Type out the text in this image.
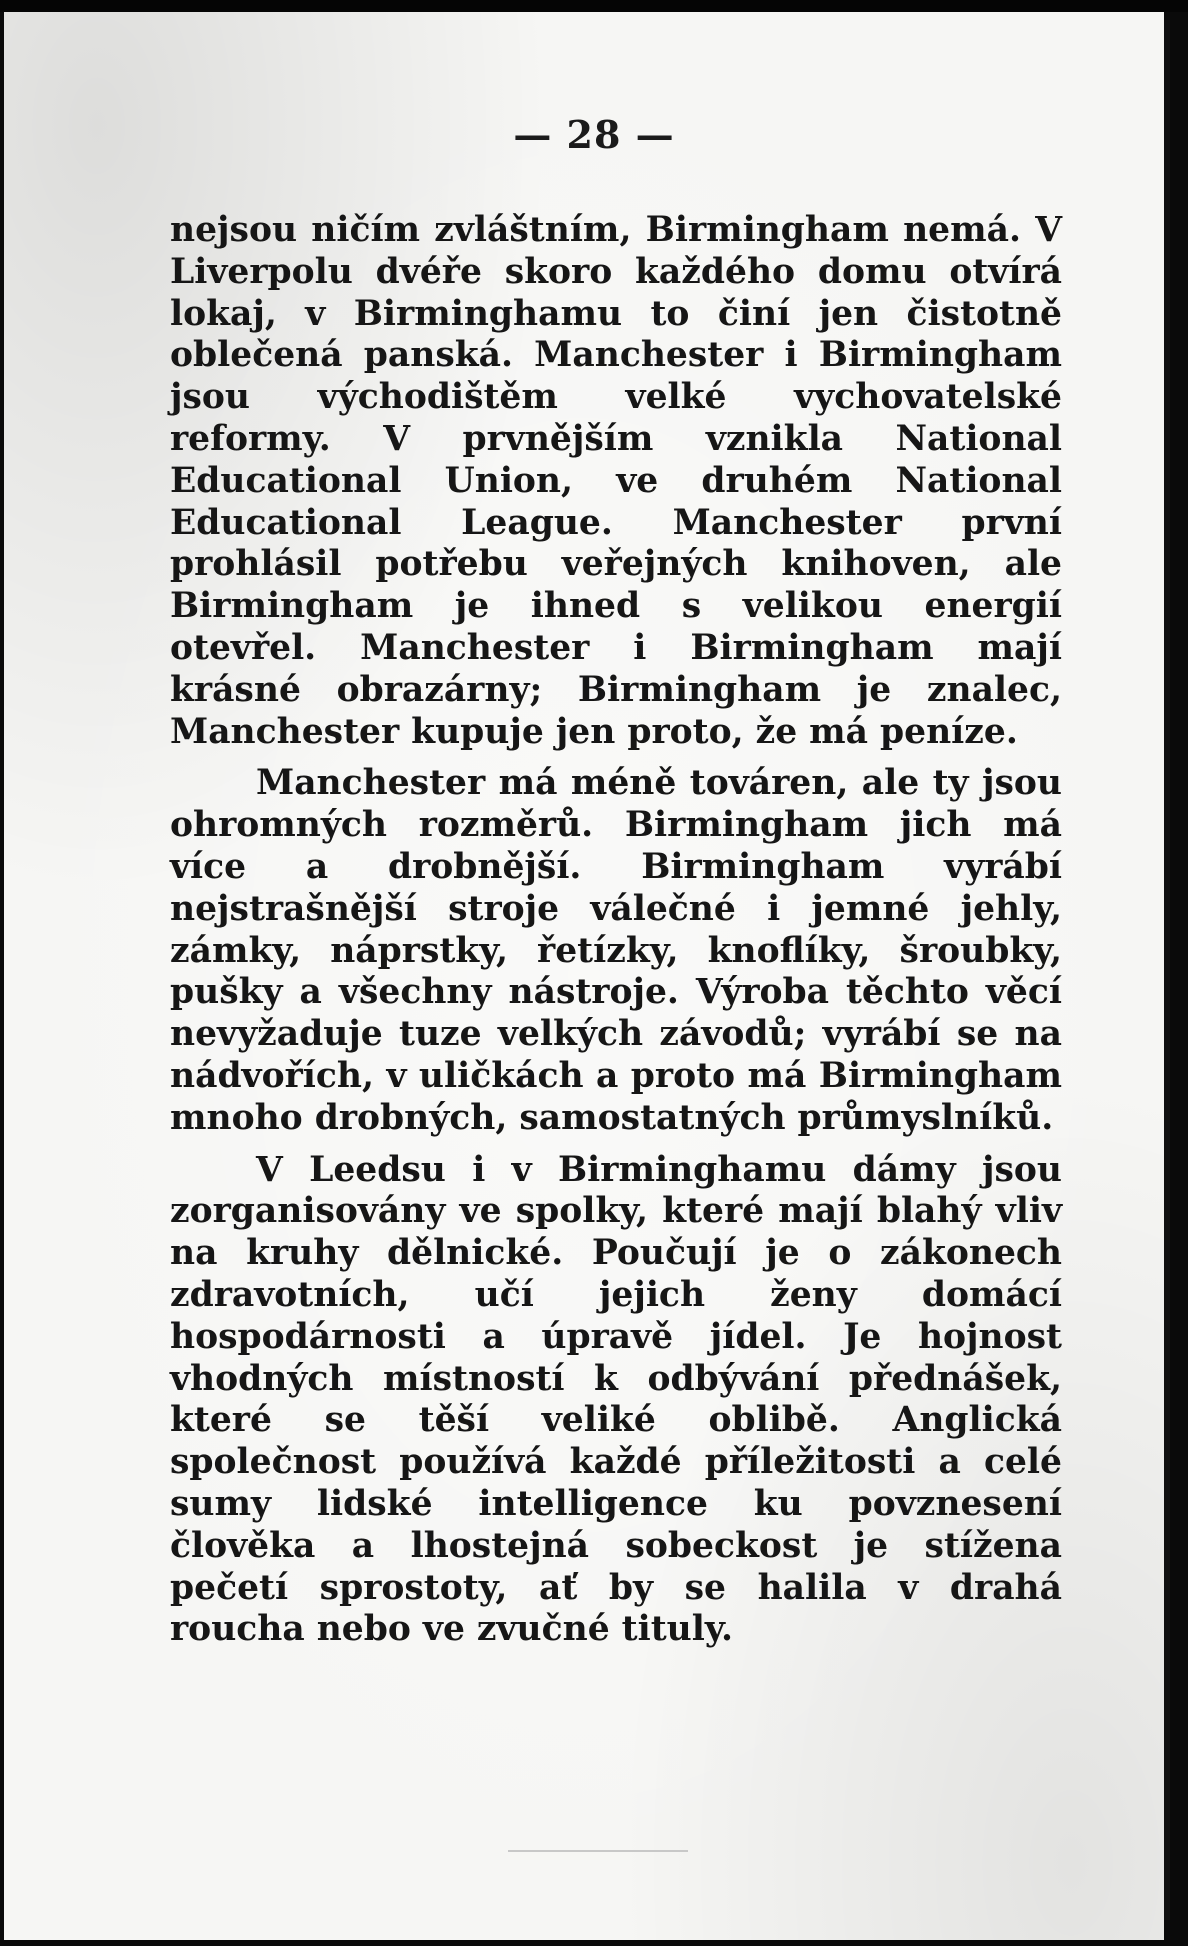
— 28 —

nejsou ničím zvláštním, Birmingham nemá. V Liverpolu dvéře skoro každého domu otvírá lokaj, v Birminghamu to činí jen čistotně oblečená panská. Manchester i Birmingham jsou východištěm velké vychovatelské reformy. V prvnějším vznikla National Educational Union, ve druhém National Educational League. Manchester první prohlásil potřebu veřejných knihoven, ale Birmingham je ihned s velikou energií otevřel. Manchester i Birmingham mají krásné obrazárny; Birmingham je znalec, Manchester kupuje jen proto, že má peníze.

Manchester má méně továren, ale ty jsou ohromných rozměrů. Birmingham jich má více a drobnější. Birmingham vyrábí nejstrašnější stroje válečné i jemné jehly, zámky, náprstky, řetízky, knoflíky, šroubky, pušky a všechny nástroje. Výroba těchto věcí nevyžaduje tuze velkých závodů; vyrábí se na nádvořích, v uličkách a proto má Birmingham mnoho drobných, samostatných průmyslníků.

V Leedsu i v Birminghamu dámy jsou zorganisovány ve spolky, které mají blahý vliv na kruhy dělnické. Poučují je o zákonech zdravotních, učí jejich ženy domácí hospodárnosti a úpravě jídel. Je hojnost vhodných místností k odbývání přednášek, které se těší veliké oblibě. Anglická společnost používá každé příležitosti a celé sumy lidské intelligence ku povznesení člověka a lhostejná sobeckost je stížena pečetí sprostoty, ať by se halila v drahá roucha nebo ve zvučné tituly.
